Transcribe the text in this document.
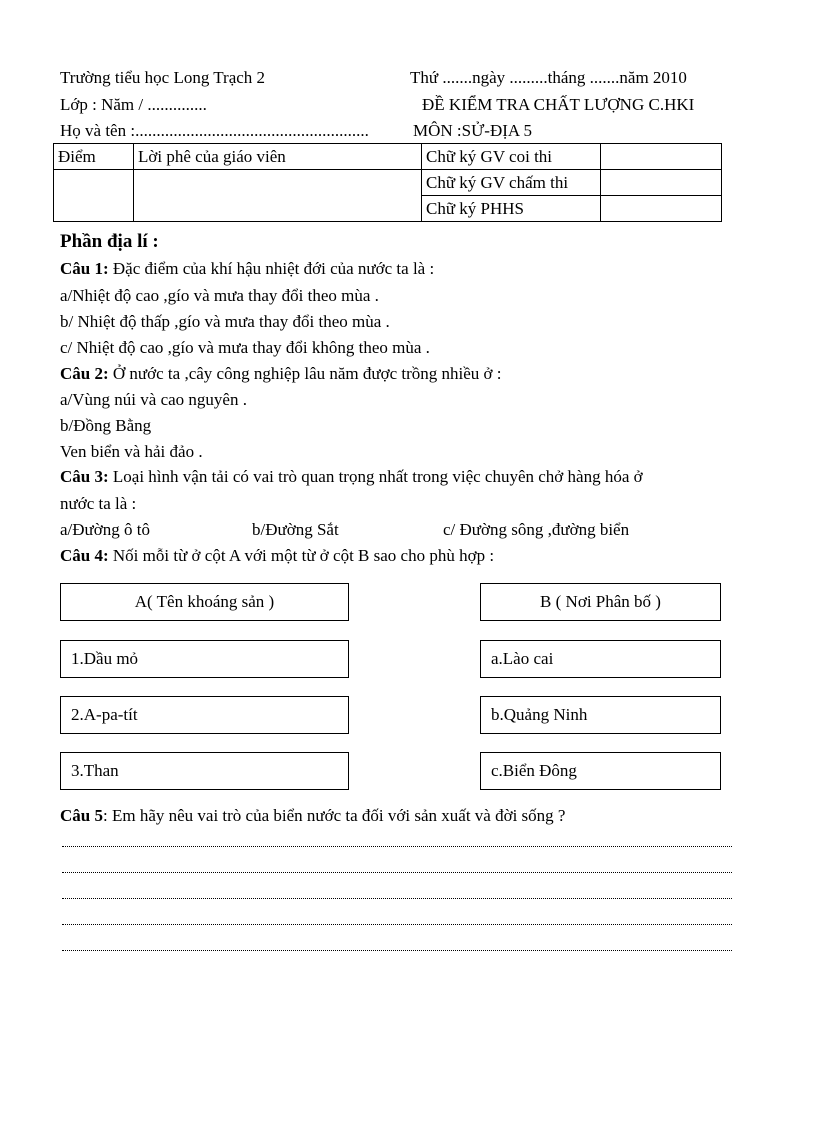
Trường tiểu học Long Trạch 2	Thứ .......ngày .........tháng .......năm 2010
Lớp : Năm / ..............	ĐỀ KIỂM TRA CHẤT LƯỢNG C.HKI
Họ và tên :.......................................................	MÔN :SỬ-ĐỊA 5
Điểm	Lời phê của giáo viên	Chữ ký GV coi thi	
		Chữ ký GV chấm thi	
		Chữ ký PHHS	
Phần địa lí :
Câu 1: Đặc điểm của khí hậu nhiệt đới của nước ta là :
a/Nhiệt độ cao ,gío và mưa thay đổi theo mùa .
b/ Nhiệt độ thấp ,gío và mưa thay đổi theo mùa .
c/ Nhiệt độ cao ,gío và mưa thay đổi không theo mùa .
Câu 2: Ở nước ta ,cây công nghiệp lâu năm được trồng nhiều ở :
a/Vùng núi và cao nguyên .
b/Đồng Bằng
Ven biển và hải đảo .
Câu 3: Loại hình vận tải có vai trò quan trọng nhất trong việc chuyên chở hàng hóa ở
nước ta là :
a/Đường ô tô	b/Đường Sắt	c/ Đường sông ,đường biển
Câu 4: Nối mỗi từ ở cột A với một từ ở cột B sao cho phù hợp :
A( Tên khoáng sản )	B ( Nơi Phân bố )
1.Dầu mỏ	a.Lào cai
2.A-pa-tít	b.Quảng Ninh
3.Than	c.Biển Đông
Câu 5: Em hãy nêu vai trò của biển nước ta đối với sản xuất và đời sống ?
